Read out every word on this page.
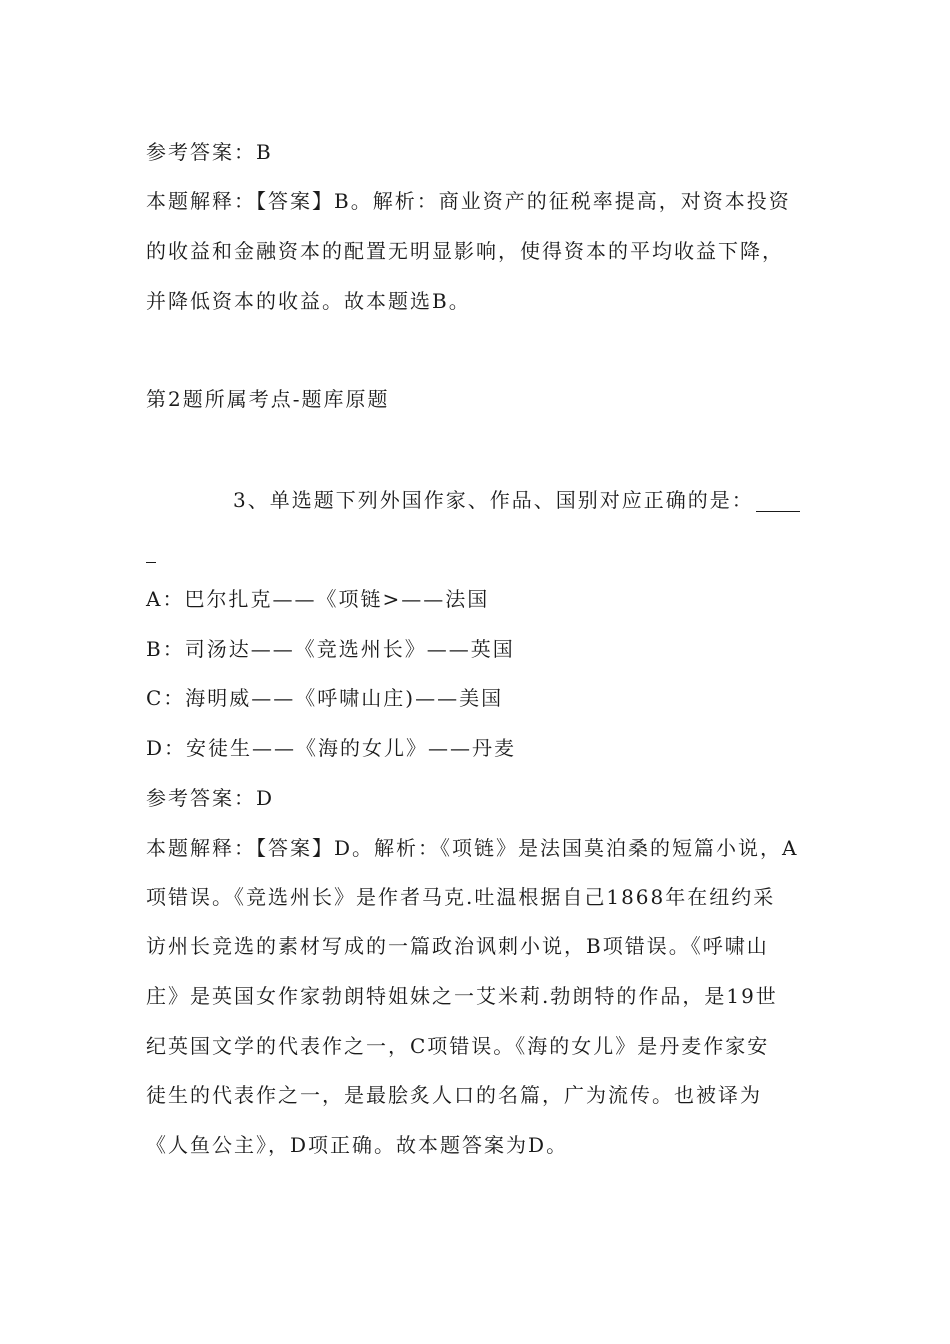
参考答案：B
本题解释：【答案】B。解析：商业资产的征税率提高，对资本投资
的收益和金融资本的配置无明显影响，使得资本的平均收益下降，
并降低资本的收益。故本题选B。
第2题所属考点-题库原题
3、单选题下列外国作家、作品、国别对应正确的是：
A：巴尔扎克——《项链>——法国
B：司汤达——《竞选州长》——英国
C：海明威——《呼啸山庄)——美国
D：安徒生——《海的女儿》——丹麦
参考答案：D
本题解释：【答案】D。解析：《项链》是法国莫泊桑的短篇小说，A
项错误。《竞选州长》是作者马克.吐温根据自己1868年在纽约采
访州长竞选的素材写成的一篇政治讽刺小说，B项错误。《呼啸山
庄》是英国女作家勃朗特姐妹之一艾米莉.勃朗特的作品，是19世
纪英国文学的代表作之一，C项错误。《海的女儿》是丹麦作家安
徒生的代表作之一，是最脍炙人口的名篇，广为流传。也被译为
《人鱼公主》，D项正确。故本题答案为D。
